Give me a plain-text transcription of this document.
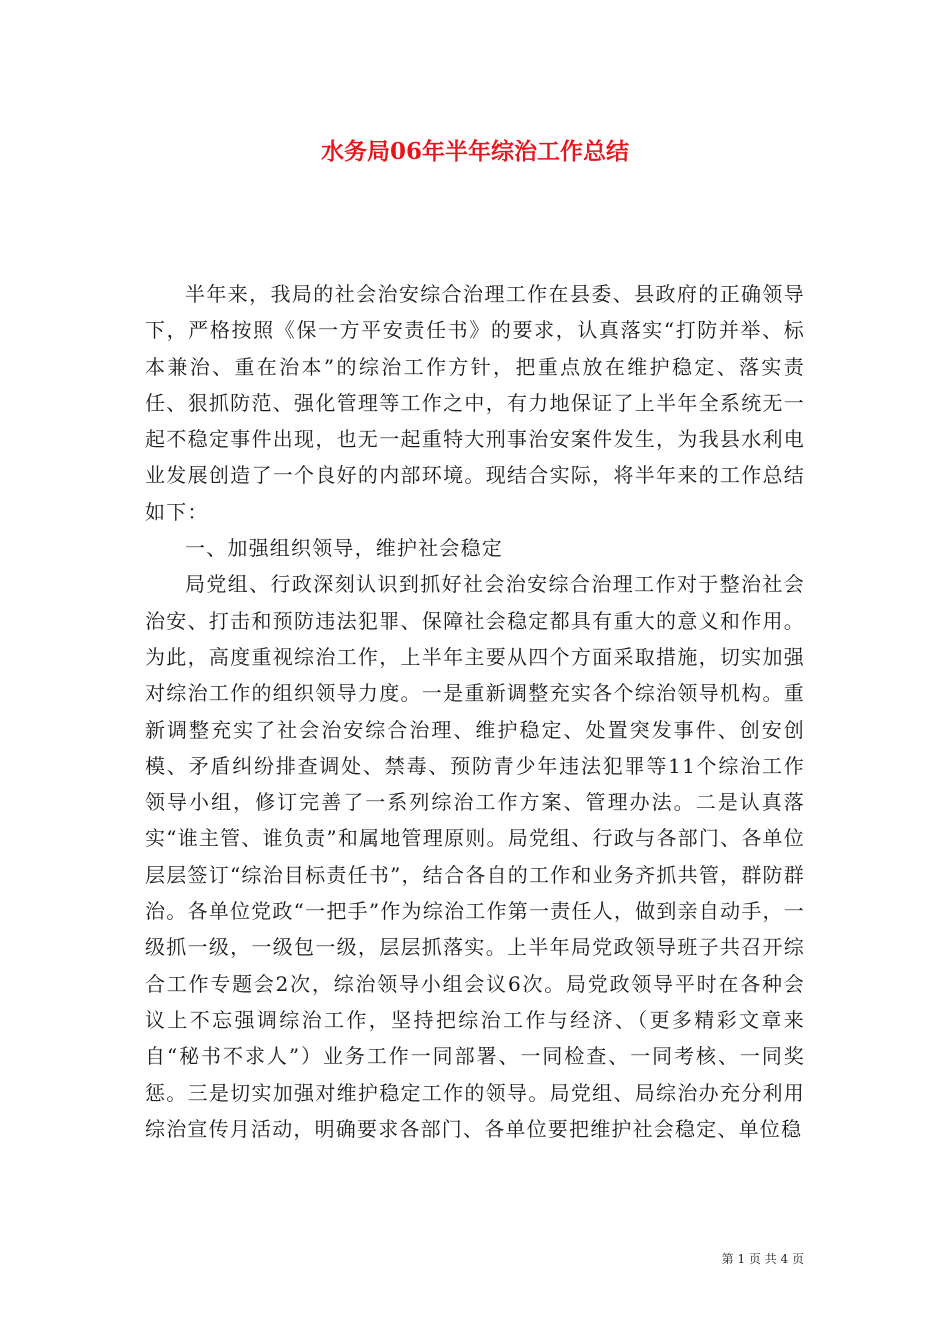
水务局06年半年综治工作总结

半年来，我局的社会治安综合治理工作在县委、县政府的正确领导下，严格按照《保一方平安责任书》的要求，认真落实“打防并举、标本兼治、重在治本”的综治工作方针，把重点放在维护稳定、落实责任、狠抓防范、强化管理等工作之中，有力地保证了上半年全系统无一起不稳定事件出现，也无一起重特大刑事治安案件发生，为我县水利电业发展创造了一个良好的内部环境。现结合实际，将半年来的工作总结如下：

一、加强组织领导，维护社会稳定

局党组、行政深刻认识到抓好社会治安综合治理工作对于整治社会治安、打击和预防违法犯罪、保障社会稳定都具有重大的意义和作用。为此，高度重视综治工作，上半年主要从四个方面采取措施，切实加强对综治工作的组织领导力度。一是重新调整充实各个综治领导机构。重新调整充实了社会治安综合治理、维护稳定、处置突发事件、创安创模、矛盾纠纷排查调处、禁毒、预防青少年违法犯罪等11个综治工作领导小组，修订完善了一系列综治工作方案、管理办法。二是认真落实“谁主管、谁负责”和属地管理原则。局党组、行政与各部门、各单位层层签订“综治目标责任书”，结合各自的工作和业务齐抓共管，群防群治。各单位党政“一把手”作为综治工作第一责任人，做到亲自动手，一级抓一级，一级包一级，层层抓落实。上半年局党政领导班子共召开综合工作专题会2次，综治领导小组会议6次。局党政领导平时在各种会议上不忘强调综治工作，坚持把综治工作与经济、（更多精彩文章来自“秘书不求人”）业务工作一同部署、一同检查、一同考核、一同奖惩。三是切实加强对维护稳定工作的领导。局党组、局综治办充分利用综治宣传月活动，明确要求各部门、各单位要把维护社会稳定、单位稳

第 1 页 共 4 页
